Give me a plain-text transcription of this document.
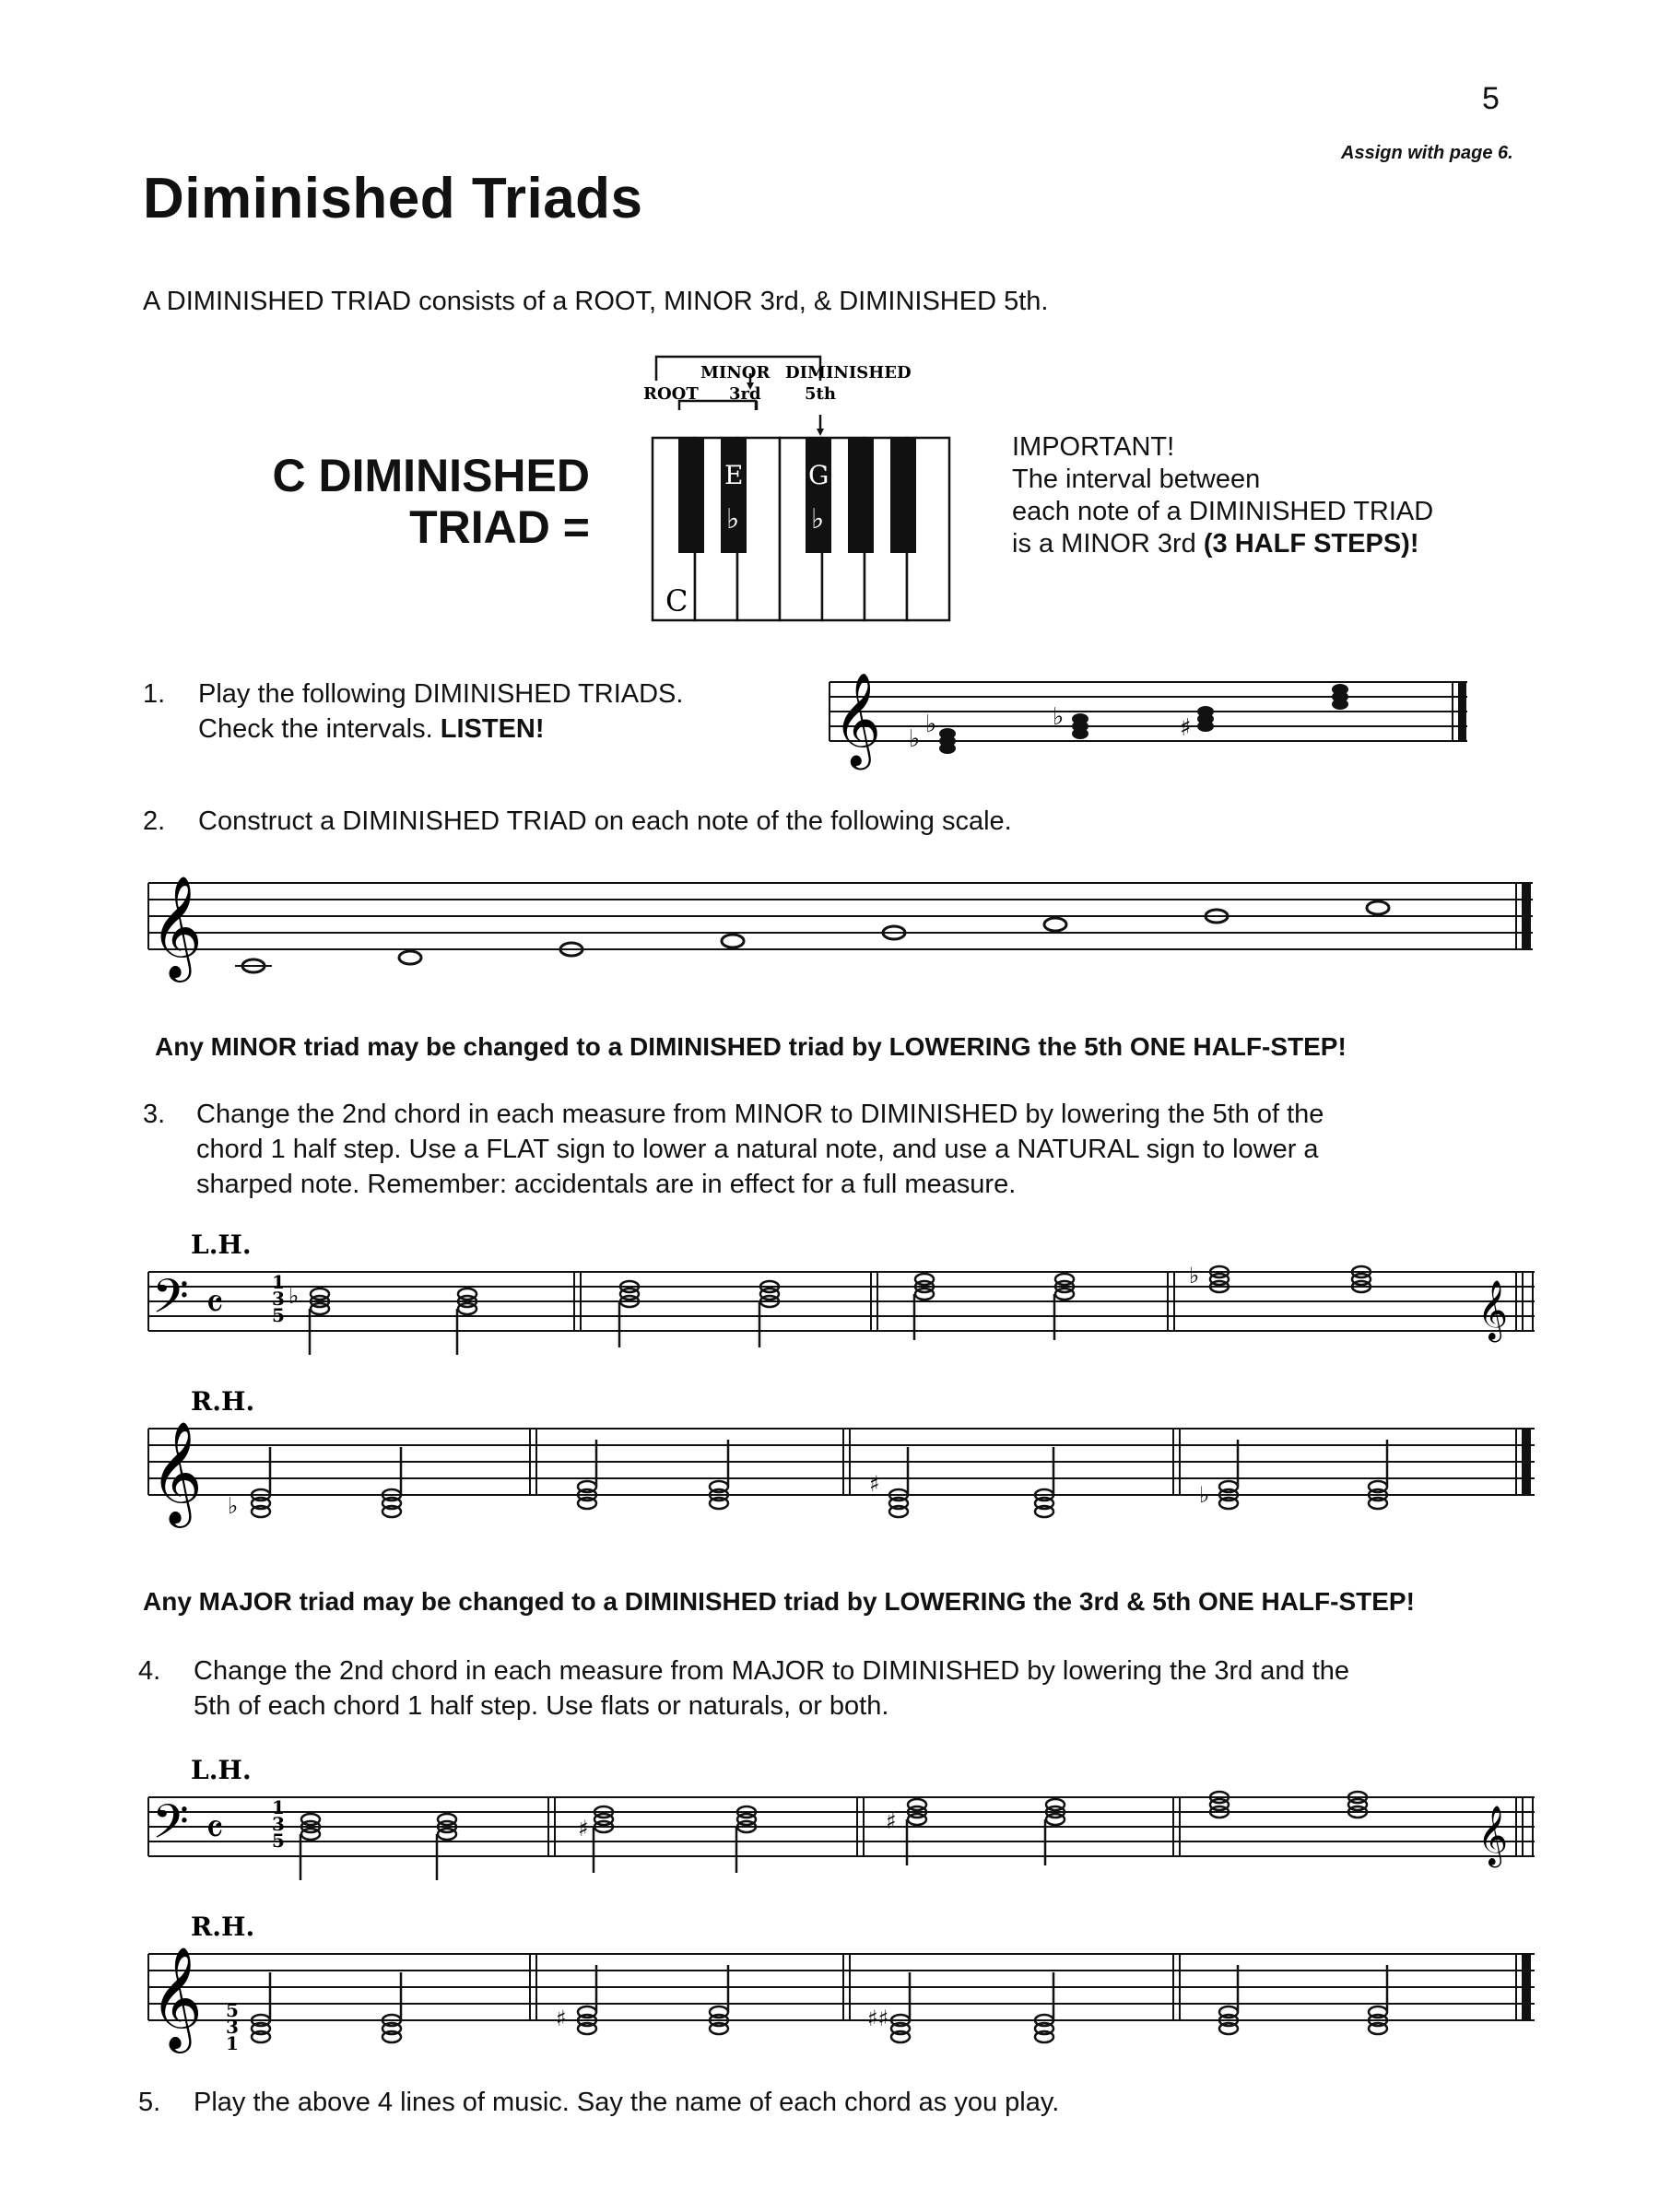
5
Assign with page 6.
Diminished Triads
A DIMINISHED TRIAD consists of a ROOT, MINOR 3rd, & DIMINISHED 5th.
C DIMINISHED
TRIAD =
MINOR DIMINISHED
ROOT 3rd	5th
C
E
♭
G
♭
IMPORTANT!
The interval between
each note of a DIMINISHED TRIAD
is a MINOR 3rd (3 HALF STEPS)!
1. Play the following DIMINISHED TRIADS.
Check the intervals. LISTEN!	𝄞 ♭
♭	♭	♯
2. Construct a DIMINISHED TRIAD on each note of the following scale.
𝄞
Any MINOR triad may be changed to a DIMINISHED triad by LOWERING the 5th ONE HALF-STEP!
3. Change the 2nd chord in each measure from MINOR to DIMINISHED by lowering the 5th of the
chord 1 half step. Use a FLAT sign to lower a natural note, and use a NATURAL sign to lower a
sharped note. Remember: accidentals are in effect for a full measure.
L.H.
𝄢 𝄴	1
3
5	𝄞
♭
♭
R.H.
𝄞 ♭
♯	♭
Any MAJOR triad may be changed to a DIMINISHED triad by LOWERING the 3rd & 5th ONE HALF-STEP!
4. Change the 2nd chord in each measure from MAJOR to DIMINISHED by lowering the 3rd and the
5th of each chord 1 half step. Use flats or naturals, or both.
L.H.
𝄢 𝄴	1
3
5	𝄞
♯	♯
R.H.
𝄞 5
3
1
♯	♯♯
5. Play the above 4 lines of music. Say the name of each chord as you play.
